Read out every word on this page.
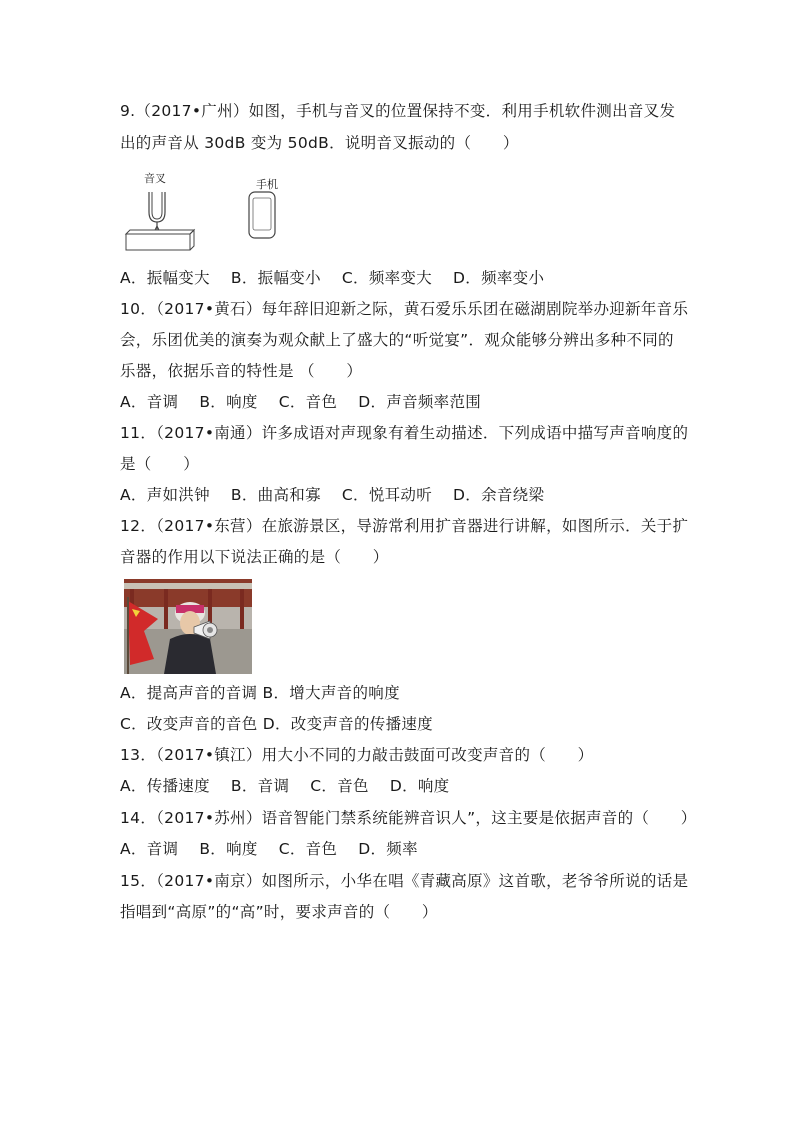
9.（2017•广州）如图，手机与音叉的位置保持不变．利用手机软件测出音叉发
出的声音从 30dB 变为 50dB．说明音叉振动的（　　）
音叉	手机
A．振幅变大　 B．振幅变小　 C．频率变大　 D．频率变小
10．（2017•黄石）每年辞旧迎新之际，黄石爱乐乐团在磁湖剧院举办迎新年音乐
会，乐团优美的演奏为观众献上了盛大的“听觉宴”．观众能够分辨出多种不同的
乐器，依据乐音的特性是 （　　）
A．音调　 B．响度　 C．音色　 D．声音频率范围
11．（2017•南通）许多成语对声现象有着生动描述．下列成语中描写声音响度的
是（　　）
A．声如洪钟　 B．曲高和寡　 C．悦耳动听　 D．余音绕梁
12．（2017•东营）在旅游景区，导游常利用扩音器进行讲解，如图所示．关于扩
音器的作用以下说法正确的是（　　）
A．提高声音的音调 B．增大声音的响度
C．改变声音的音色 D．改变声音的传播速度
13．（2017•镇江）用大小不同的力敲击鼓面可改变声音的（　　）
A．传播速度　 B．音调　 C．音色　 D．响度
14．（2017•苏州）语音智能门禁系统能辨音识人”，这主要是依据声音的（　　）
A．音调　 B．响度　 C．音色　 D．频率
15．（2017•南京）如图所示，小华在唱《青藏高原》这首歌，老爷爷所说的话是
指唱到“高原”的“高”时，要求声音的（　　）
